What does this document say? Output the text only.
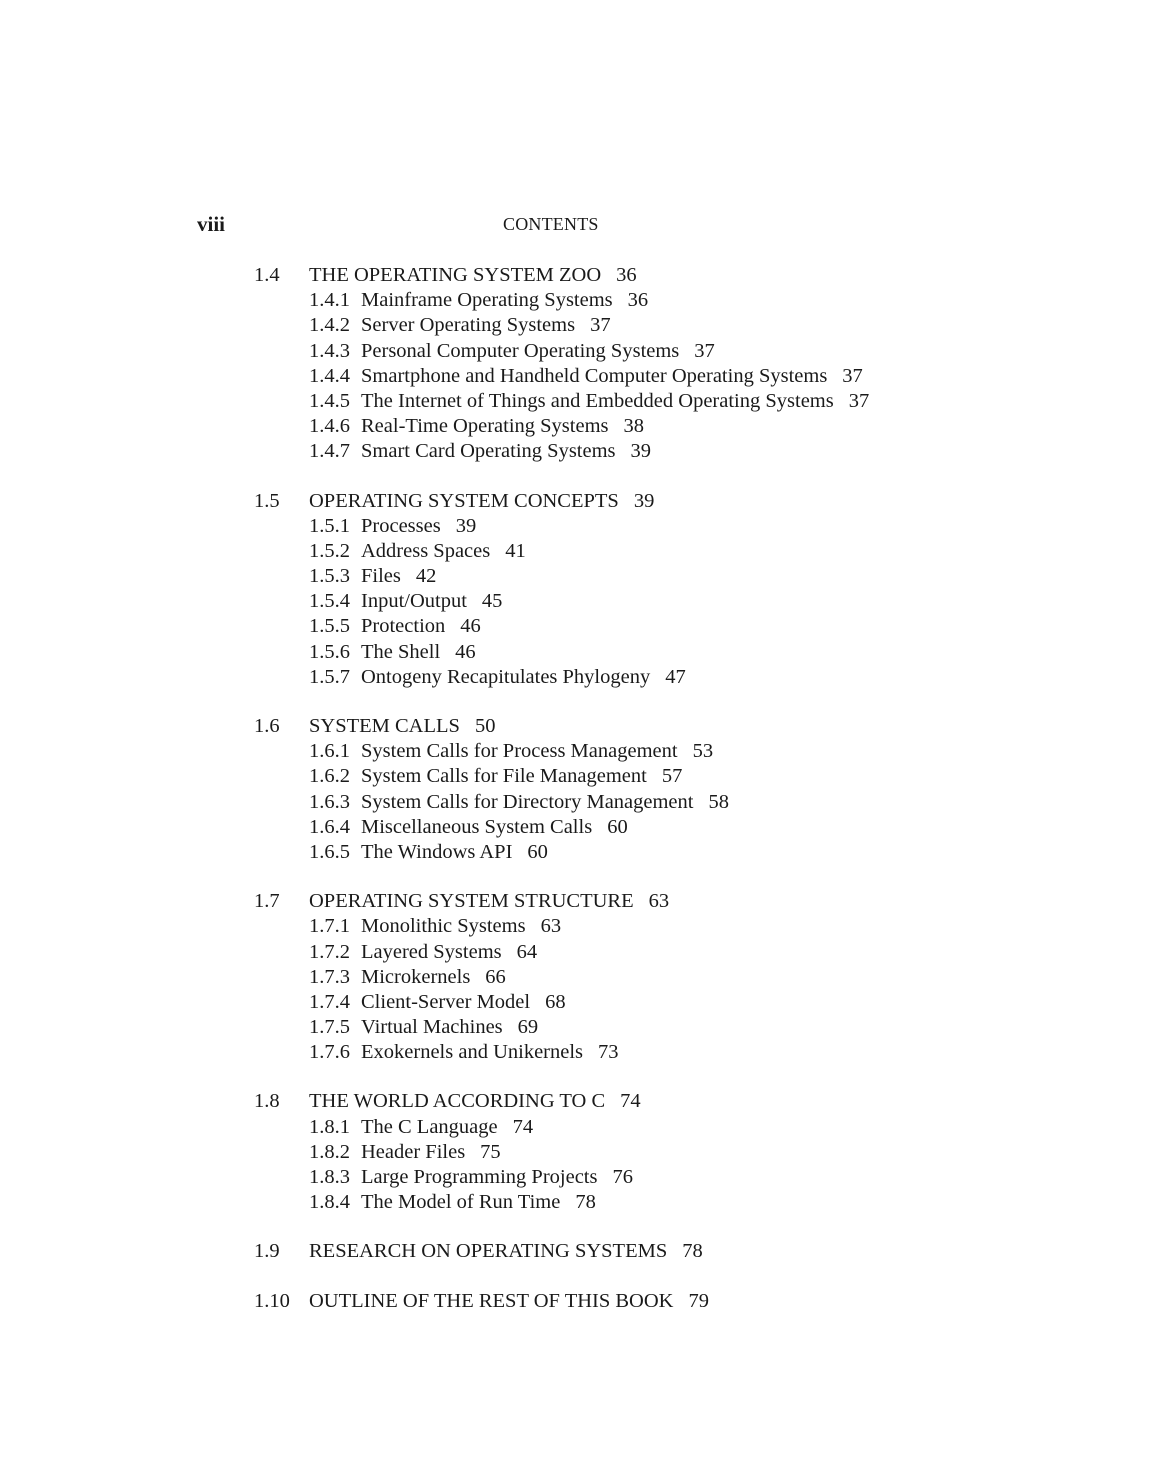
viii	CONTENTS
1.4 THE OPERATING SYSTEM ZOO 36
1.4.1 Mainframe Operating Systems 36
1.4.2 Server Operating Systems 37
1.4.3 Personal Computer Operating Systems 37
1.4.4 Smartphone and Handheld Computer Operating Systems 37
1.4.5 The Internet of Things and Embedded Operating Systems 37
1.4.6 Real-Time Operating Systems 38
1.4.7 Smart Card Operating Systems 39
1.5 OPERATING SYSTEM CONCEPTS 39
1.5.1 Processes 39
1.5.2 Address Spaces 41
1.5.3 Files 42
1.5.4 Input/Output 45
1.5.5 Protection 46
1.5.6 The Shell 46
1.5.7 Ontogeny Recapitulates Phylogeny 47
1.6 SYSTEM CALLS 50
1.6.1 System Calls for Process Management 53
1.6.2 System Calls for File Management 57
1.6.3 System Calls for Directory Management 58
1.6.4 Miscellaneous System Calls 60
1.6.5 The Windows API 60
1.7 OPERATING SYSTEM STRUCTURE 63
1.7.1 Monolithic Systems 63
1.7.2 Layered Systems 64
1.7.3 Microkernels 66
1.7.4 Client-Server Model 68
1.7.5 Virtual Machines 69
1.7.6 Exokernels and Unikernels 73
1.8 THE WORLD ACCORDING TO C 74
1.8.1 The C Language 74
1.8.2 Header Files 75
1.8.3 Large Programming Projects 76
1.8.4 The Model of Run Time 78
1.9 RESEARCH ON OPERATING SYSTEMS 78
1.10 OUTLINE OF THE REST OF THIS BOOK 79
